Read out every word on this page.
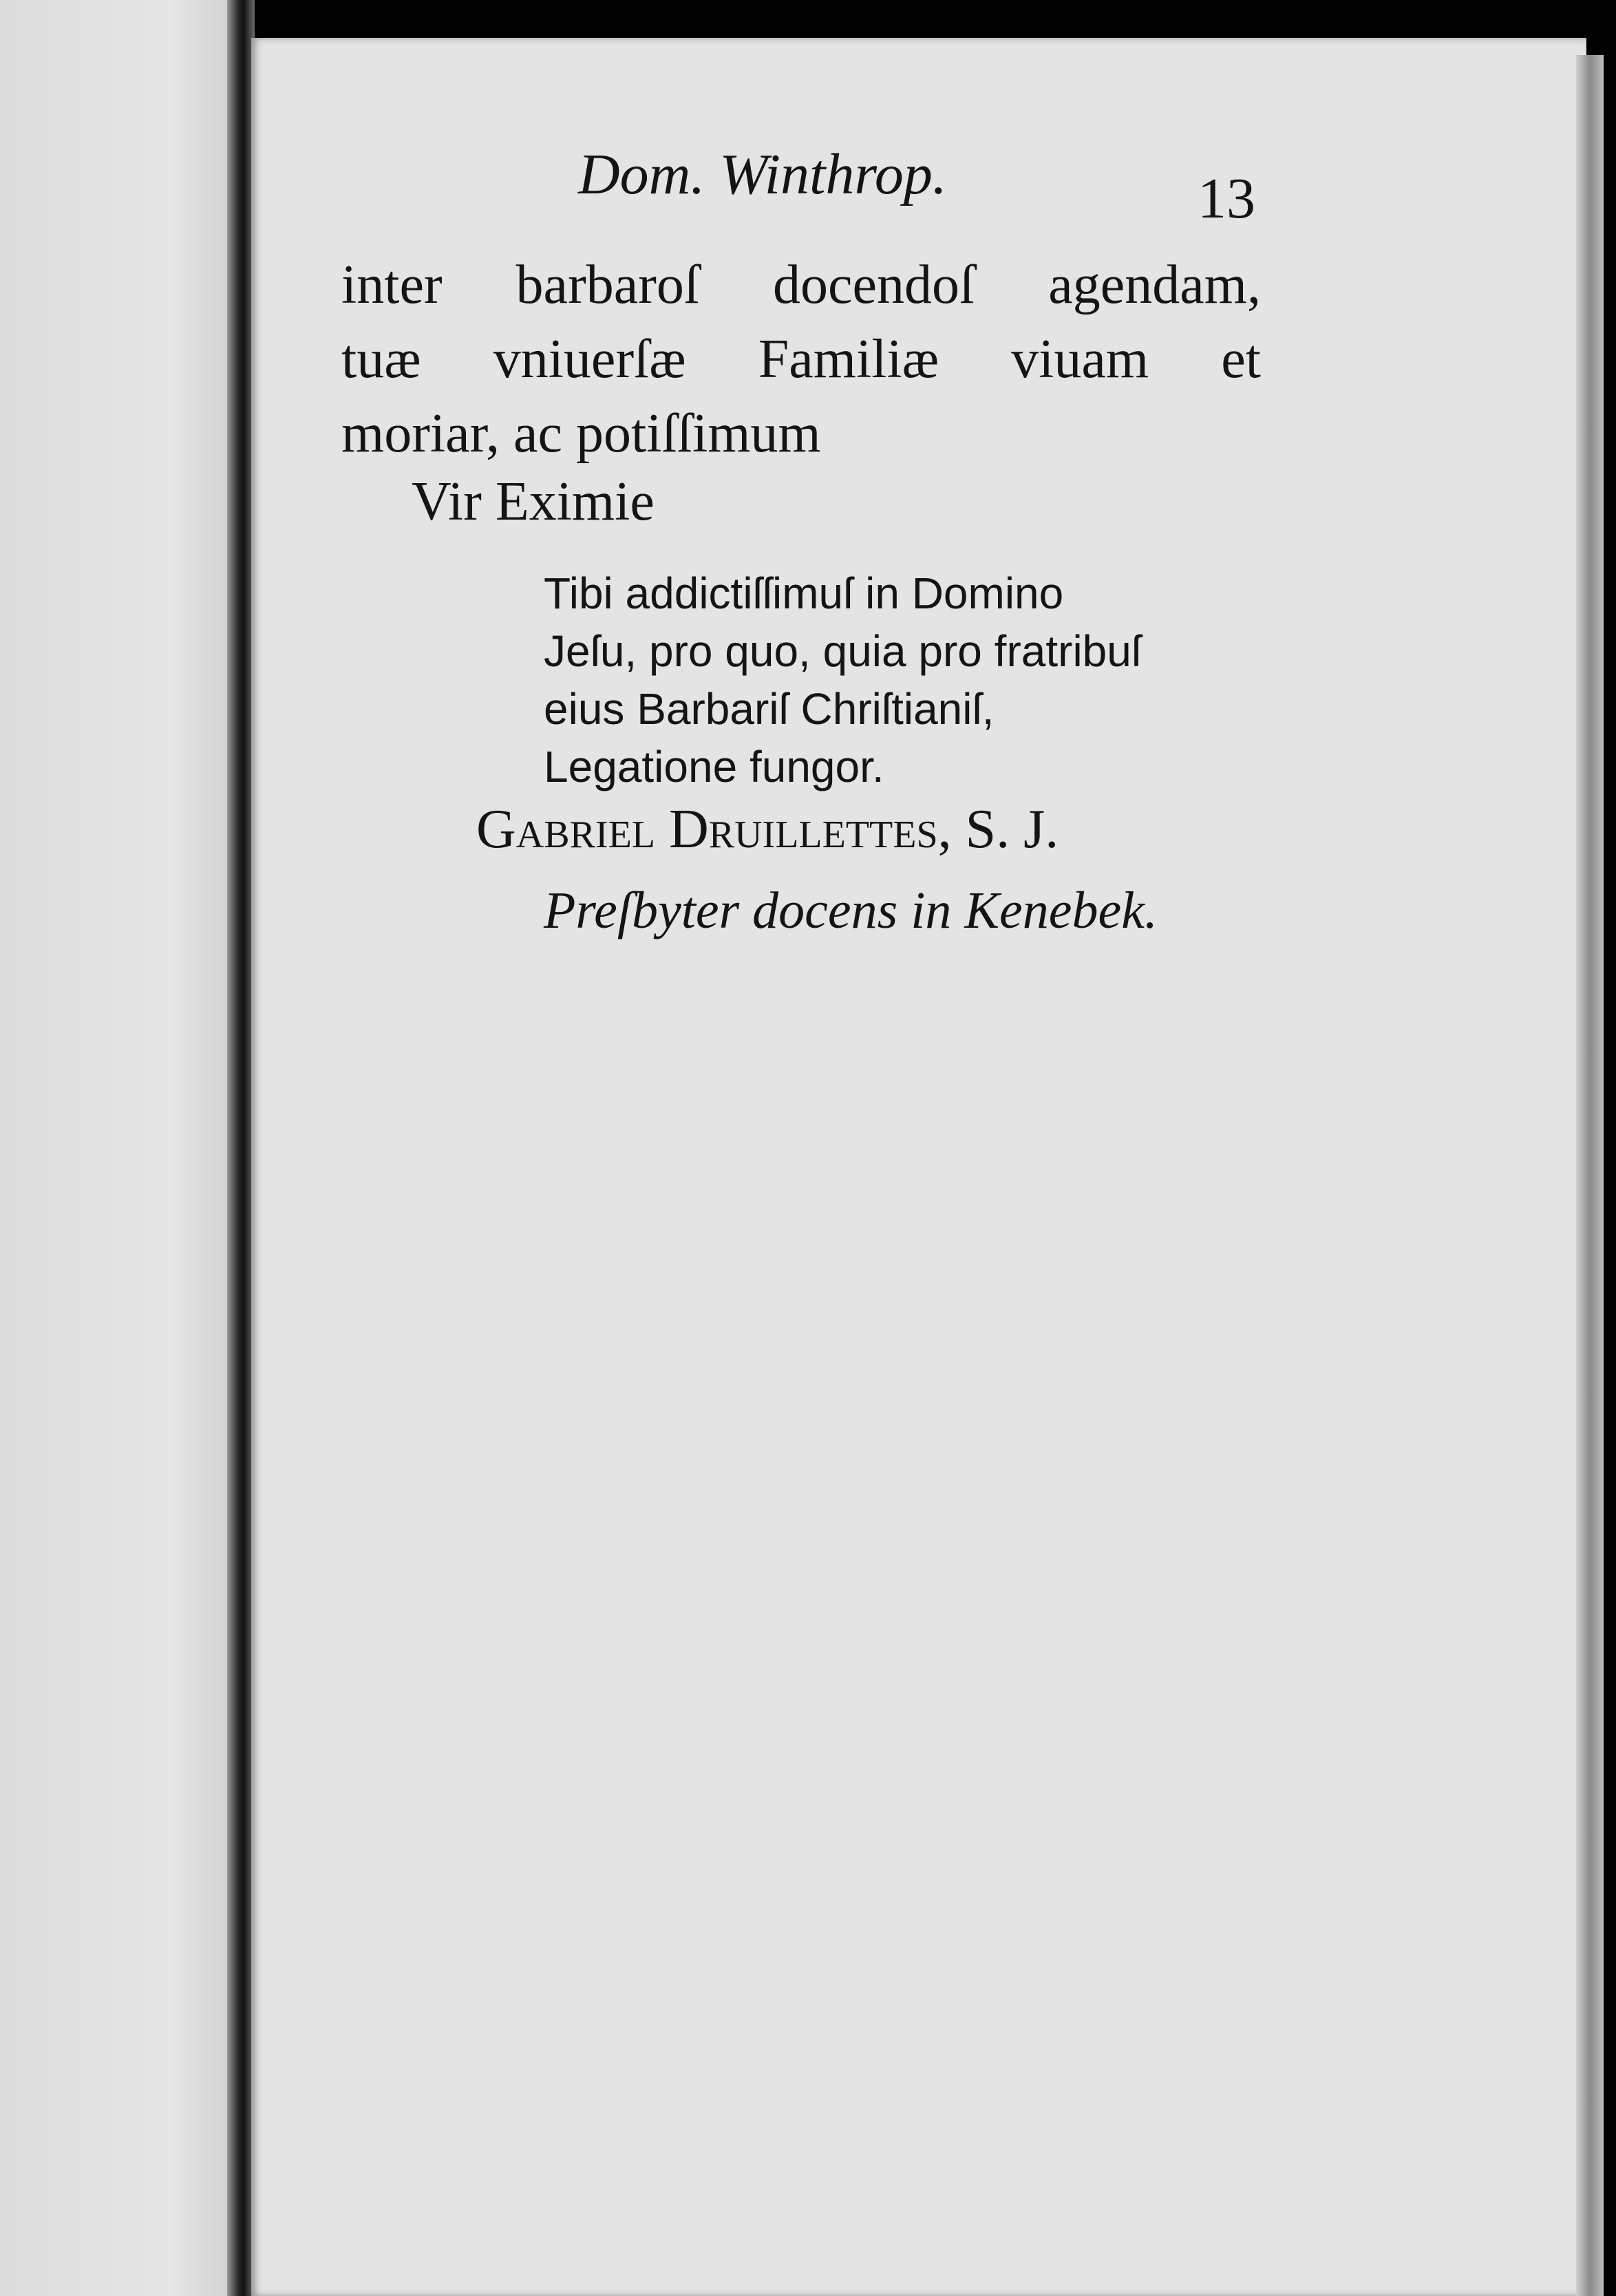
Dom. Winthrop.	13
inter barbaroſ docendoſ agendam,
tuæ vniuerſæ Familiæ viuam et
moriar, ac potiſſimum
Vir Eximie
Tibi addictiſſimuſ in Domino
Jeſu, pro quo, quia pro fratribuſ
eius Barbariſ Chriſtianiſ,
Legatione fungor.
Gabriel Druillettes, S. J.
Preſbyter docens in Kenebek.
